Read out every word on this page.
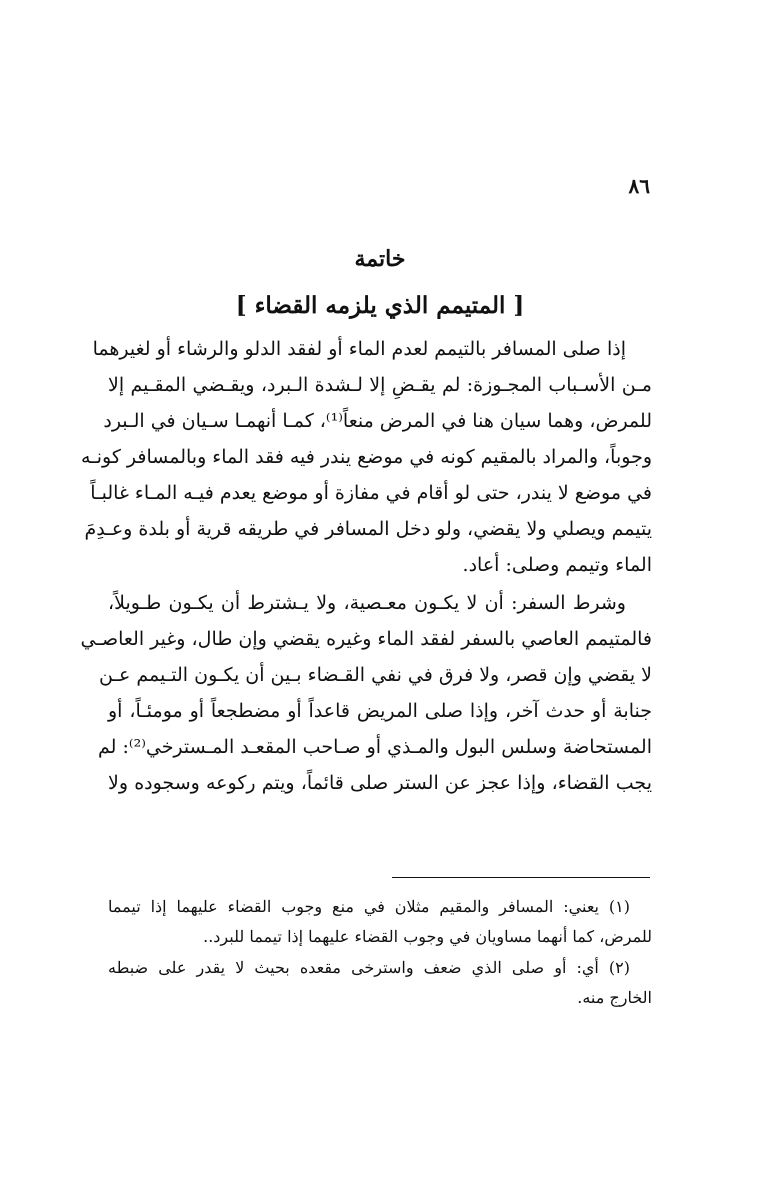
٨٦
خاتمة
[ المتيمم الذي يلزمه القضاء ]
إذا صلى المسافر بالتيمم لعدم الماء أو لفقد الدلو والرشاء أو لغيرهما
مـن الأسـباب المجـوزة: لم يقـضِ إلا لـشدة الـبرد، ويقـضي المقـيم إلا
للمرض، وهما سيان هنا في المرض منعاً⁽¹⁾، كمـا أنهمـا سـيان في الـبرد
وجوباً، والمراد بالمقيم كونه في موضع يندر فيه فقد الماء وبالمسافر كونـه
في موضع لا يندر، حتى لو أقام في مفازة أو موضع يعدم فيـه المـاء غالبـاً
يتيمم ويصلي ولا يقضي، ولو دخل المسافر في طريقه قرية أو بلدة وعـدِمَ
الماء وتيمم وصلى: أعاد.
وشرط السفر: أن لا يكـون معـصية، ولا يـشترط أن يكـون طـويلاً،
فالمتيمم العاصي بالسفر لفقد الماء وغيره يقضي وإن طال، وغير العاصـي
لا يقضي وإن قصر، ولا فرق في نفي القـضاء بـين أن يكـون التـيمم عـن
جنابة أو حدث آخر، وإذا صلى المريض قاعداً أو مضطجعاً أو مومئـاً، أو
المستحاضة وسلس البول والمـذي أو صـاحب المقعـد المـسترخي⁽²⁾: لم
يجب القضاء، وإذا عجز عن الستر صلى قائماً، ويتم ركوعه وسجوده ولا
(١) يعني: المسافر والمقيم مثلان في منع وجوب القضاء عليهما إذا تيمما
للمرض، كما أنهما مساويان في وجوب القضاء عليهما إذا تيمما للبرد..
(٢) أي: أو صلى الذي ضعف واسترخى مقعده بحيث لا يقدر على ضبطه
الخارج منه.
